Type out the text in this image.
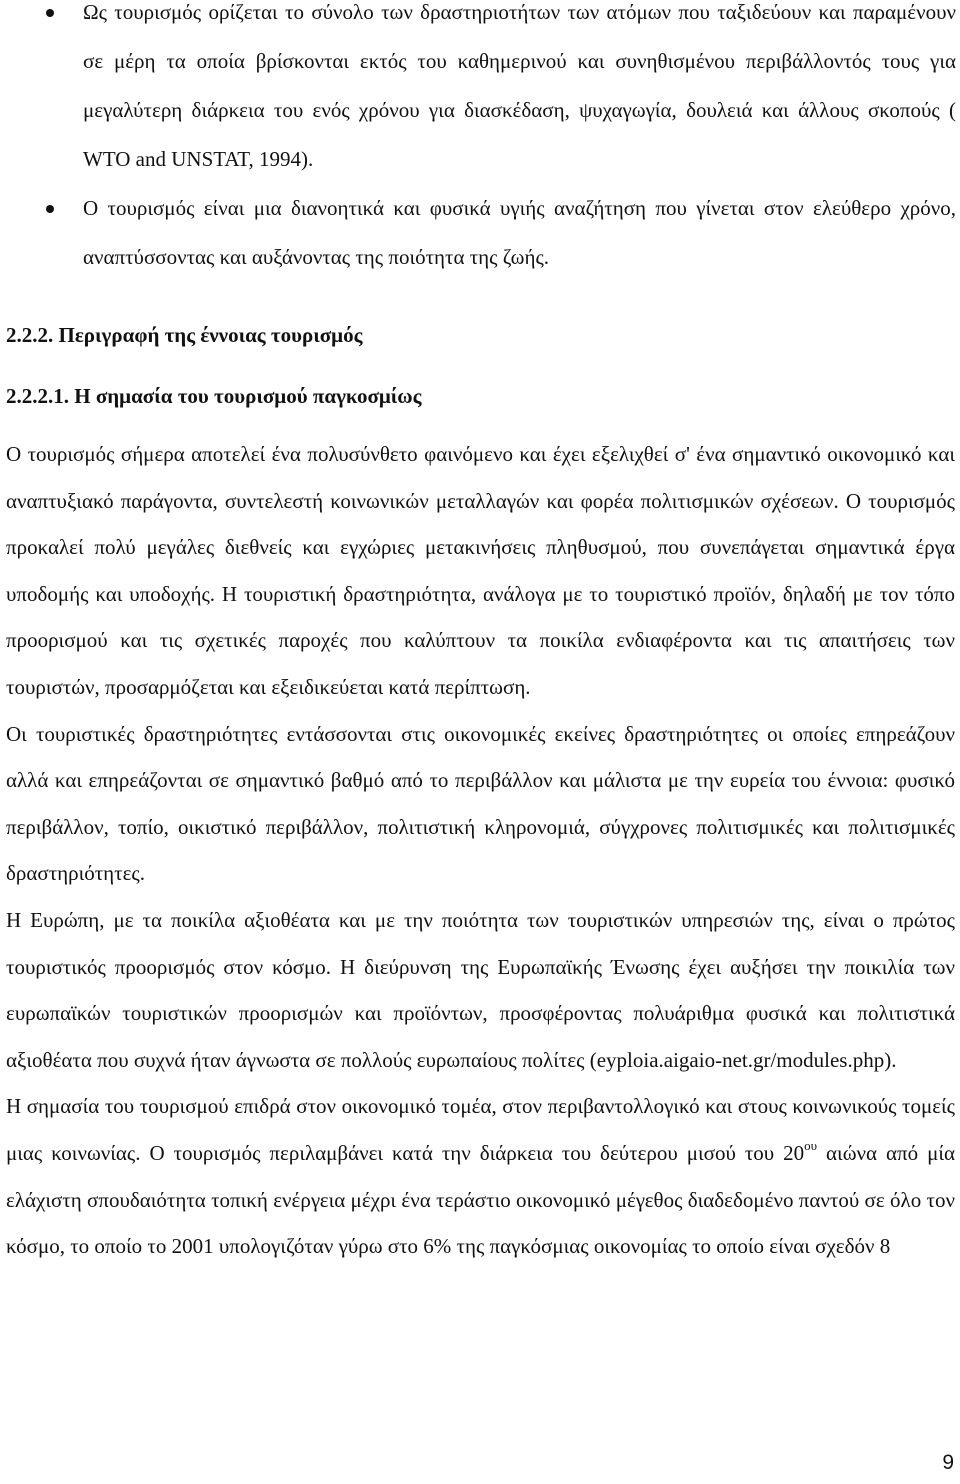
Ως τουρισμός ορίζεται το σύνολο των δραστηριοτήτων των ατόμων που ταξιδεύουν και παραμένουν σε μέρη τα οποία βρίσκονται εκτός του καθημερινού και συνηθισμένου περιβάλλοντός τους για μεγαλύτερη διάρκεια του ενός χρόνου για διασκέδαση, ψυχαγωγία, δουλειά και άλλους σκοπούς ( WTO and UNSTAT, 1994).
Ο τουρισμός είναι μια διανοητικά και φυσικά υγιής αναζήτηση που γίνεται στον ελεύθερο χρόνο, αναπτύσσοντας και αυξάνοντας της ποιότητα της ζωής.
2.2.2. Περιγραφή της έννοιας τουρισμός
2.2.2.1. Η σημασία του τουρισμού παγκοσμίως

Ο τουρισμός σήμερα αποτελεί ένα πολυσύνθετο φαινόμενο και έχει εξελιχθεί σ' ένα σημαντικό οικονομικό και αναπτυξιακό παράγοντα, συντελεστή κοινωνικών μεταλλαγών και φορέα πολιτισμικών σχέσεων. Ο τουρισμός προκαλεί πολύ μεγάλες διεθνείς και εγχώριες μετακινήσεις πληθυσμού, που συνεπάγεται σημαντικά έργα υποδομής και υποδοχής. Η τουριστική δραστηριότητα, ανάλογα με το τουριστικό προϊόν, δηλαδή με τον τόπο προορισμού και τις σχετικές παροχές που καλύπτουν τα ποικίλα ενδιαφέροντα και τις απαιτήσεις των τουριστών, προσαρμόζεται και εξειδικεύεται κατά περίπτωση.

Οι τουριστικές δραστηριότητες εντάσσονται στις οικονομικές εκείνες δραστηριότητες οι οποίες επηρεάζουν αλλά και επηρεάζονται σε σημαντικό βαθμό από το περιβάλλον και μάλιστα με την ευρεία του έννοια: φυσικό περιβάλλον, τοπίο, οικιστικό περιβάλλον, πολιτιστική κληρονομιά, σύγχρονες πολιτισμικές και πολιτισμικές δραστηριότητες.

Η Ευρώπη, με τα ποικίλα αξιοθέατα και με την ποιότητα των τουριστικών υπηρεσιών της, είναι ο πρώτος τουριστικός προορισμός στον κόσμο. Η διεύρυνση της Ευρωπαϊκής Ένωσης έχει αυξήσει την ποικιλία των ευρωπαϊκών τουριστικών προορισμών και προϊόντων, προσφέροντας πολυάριθμα φυσικά και πολιτιστικά αξιοθέατα που συχνά ήταν άγνωστα σε πολλούς ευρωπαίους πολίτες (eyploia.aigaio-net.gr/modules.php).

Η σημασία του τουρισμού επιδρά στον οικονομικό τομέα, στον περιβαντολλογικό και στους κοινωνικούς τομείς μιας κοινωνίας. Ο τουρισμός περιλαμβάνει κατά την διάρκεια του δεύτερου μισού του $20^{o\upsilon}$ αιώνα από μία ελάχιστη σπουδαιότητα τοπική ενέργεια μέχρι ένα τεράστιο οικονομικό μέγεθος διαδεδομένο παντού σε όλο τον κόσμο, το οποίο το 2001 υπολογιζόταν γύρω στο 6% της παγκόσμιας οικονομίας το οποίο είναι σχεδόν 8

9
